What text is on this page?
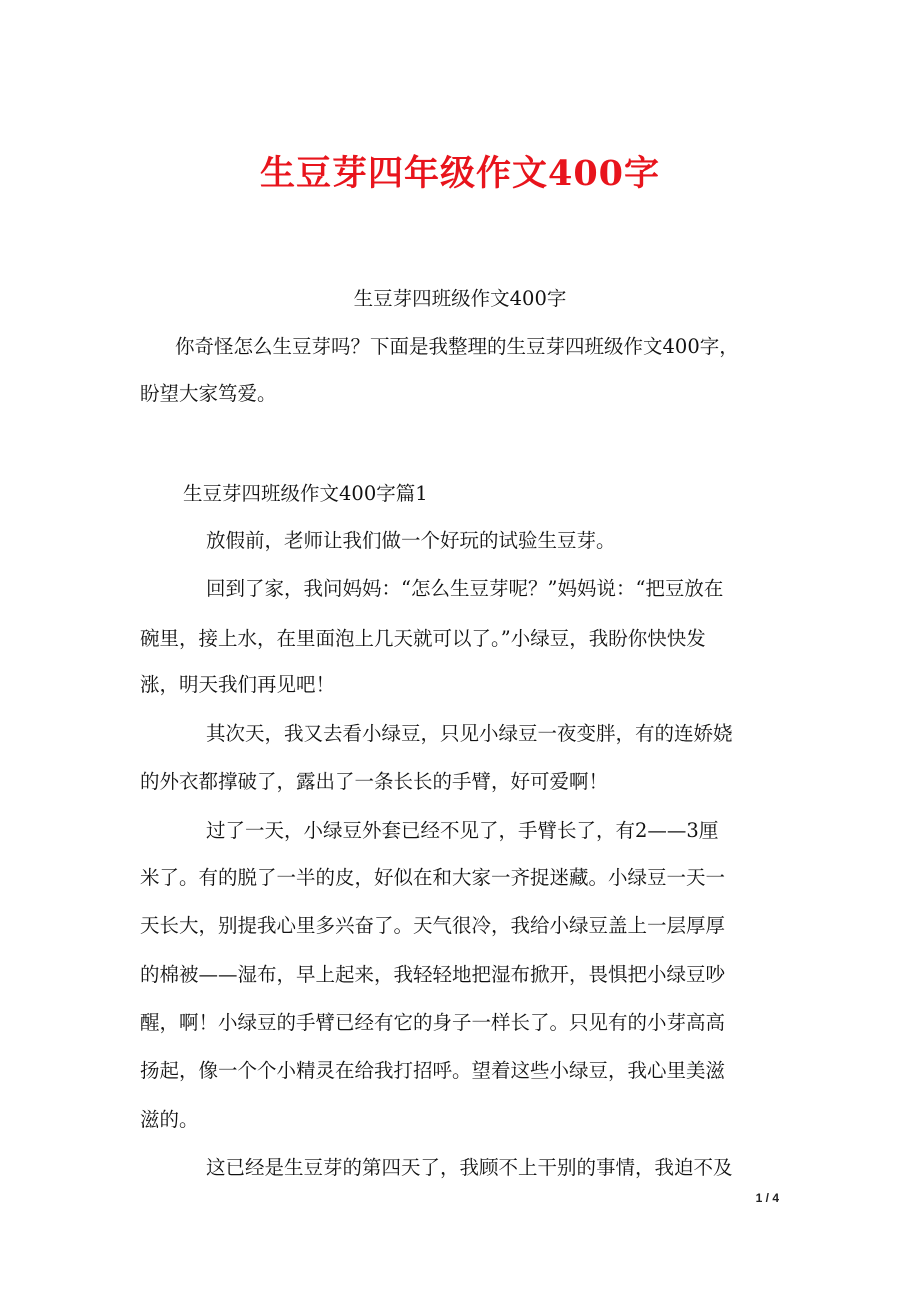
生豆芽四年级作文400字
生豆芽四班级作文400字
你奇怪怎么生豆芽吗？下面是我整理的生豆芽四班级作文400字，
盼望大家笃爱。
生豆芽四班级作文400字篇1
放假前，老师让我们做一个好玩的试验生豆芽。
回到了家，我问妈妈：“怎么生豆芽呢？”妈妈说：“把豆放在
碗里，接上水，在里面泡上几天就可以了。”小绿豆，我盼你快快发
涨，明天我们再见吧！
其次天，我又去看小绿豆，只见小绿豆一夜变胖，有的连娇娆
的外衣都撑破了，露出了一条长长的手臂，好可爱啊！
过了一天，小绿豆外套已经不见了，手臂长了，有2——3厘
米了。有的脱了一半的皮，好似在和大家一齐捉迷藏。小绿豆一天一
天长大，别提我心里多兴奋了。天气很冷，我给小绿豆盖上一层厚厚
的棉被——湿布，早上起来，我轻轻地把湿布掀开，畏惧把小绿豆吵
醒，啊！小绿豆的手臂已经有它的身子一样长了。只见有的小芽高高
扬起，像一个个小精灵在给我打招呼。望着这些小绿豆，我心里美滋
滋的。
这已经是生豆芽的第四天了，我顾不上干别的事情，我迫不及
1 / 4
